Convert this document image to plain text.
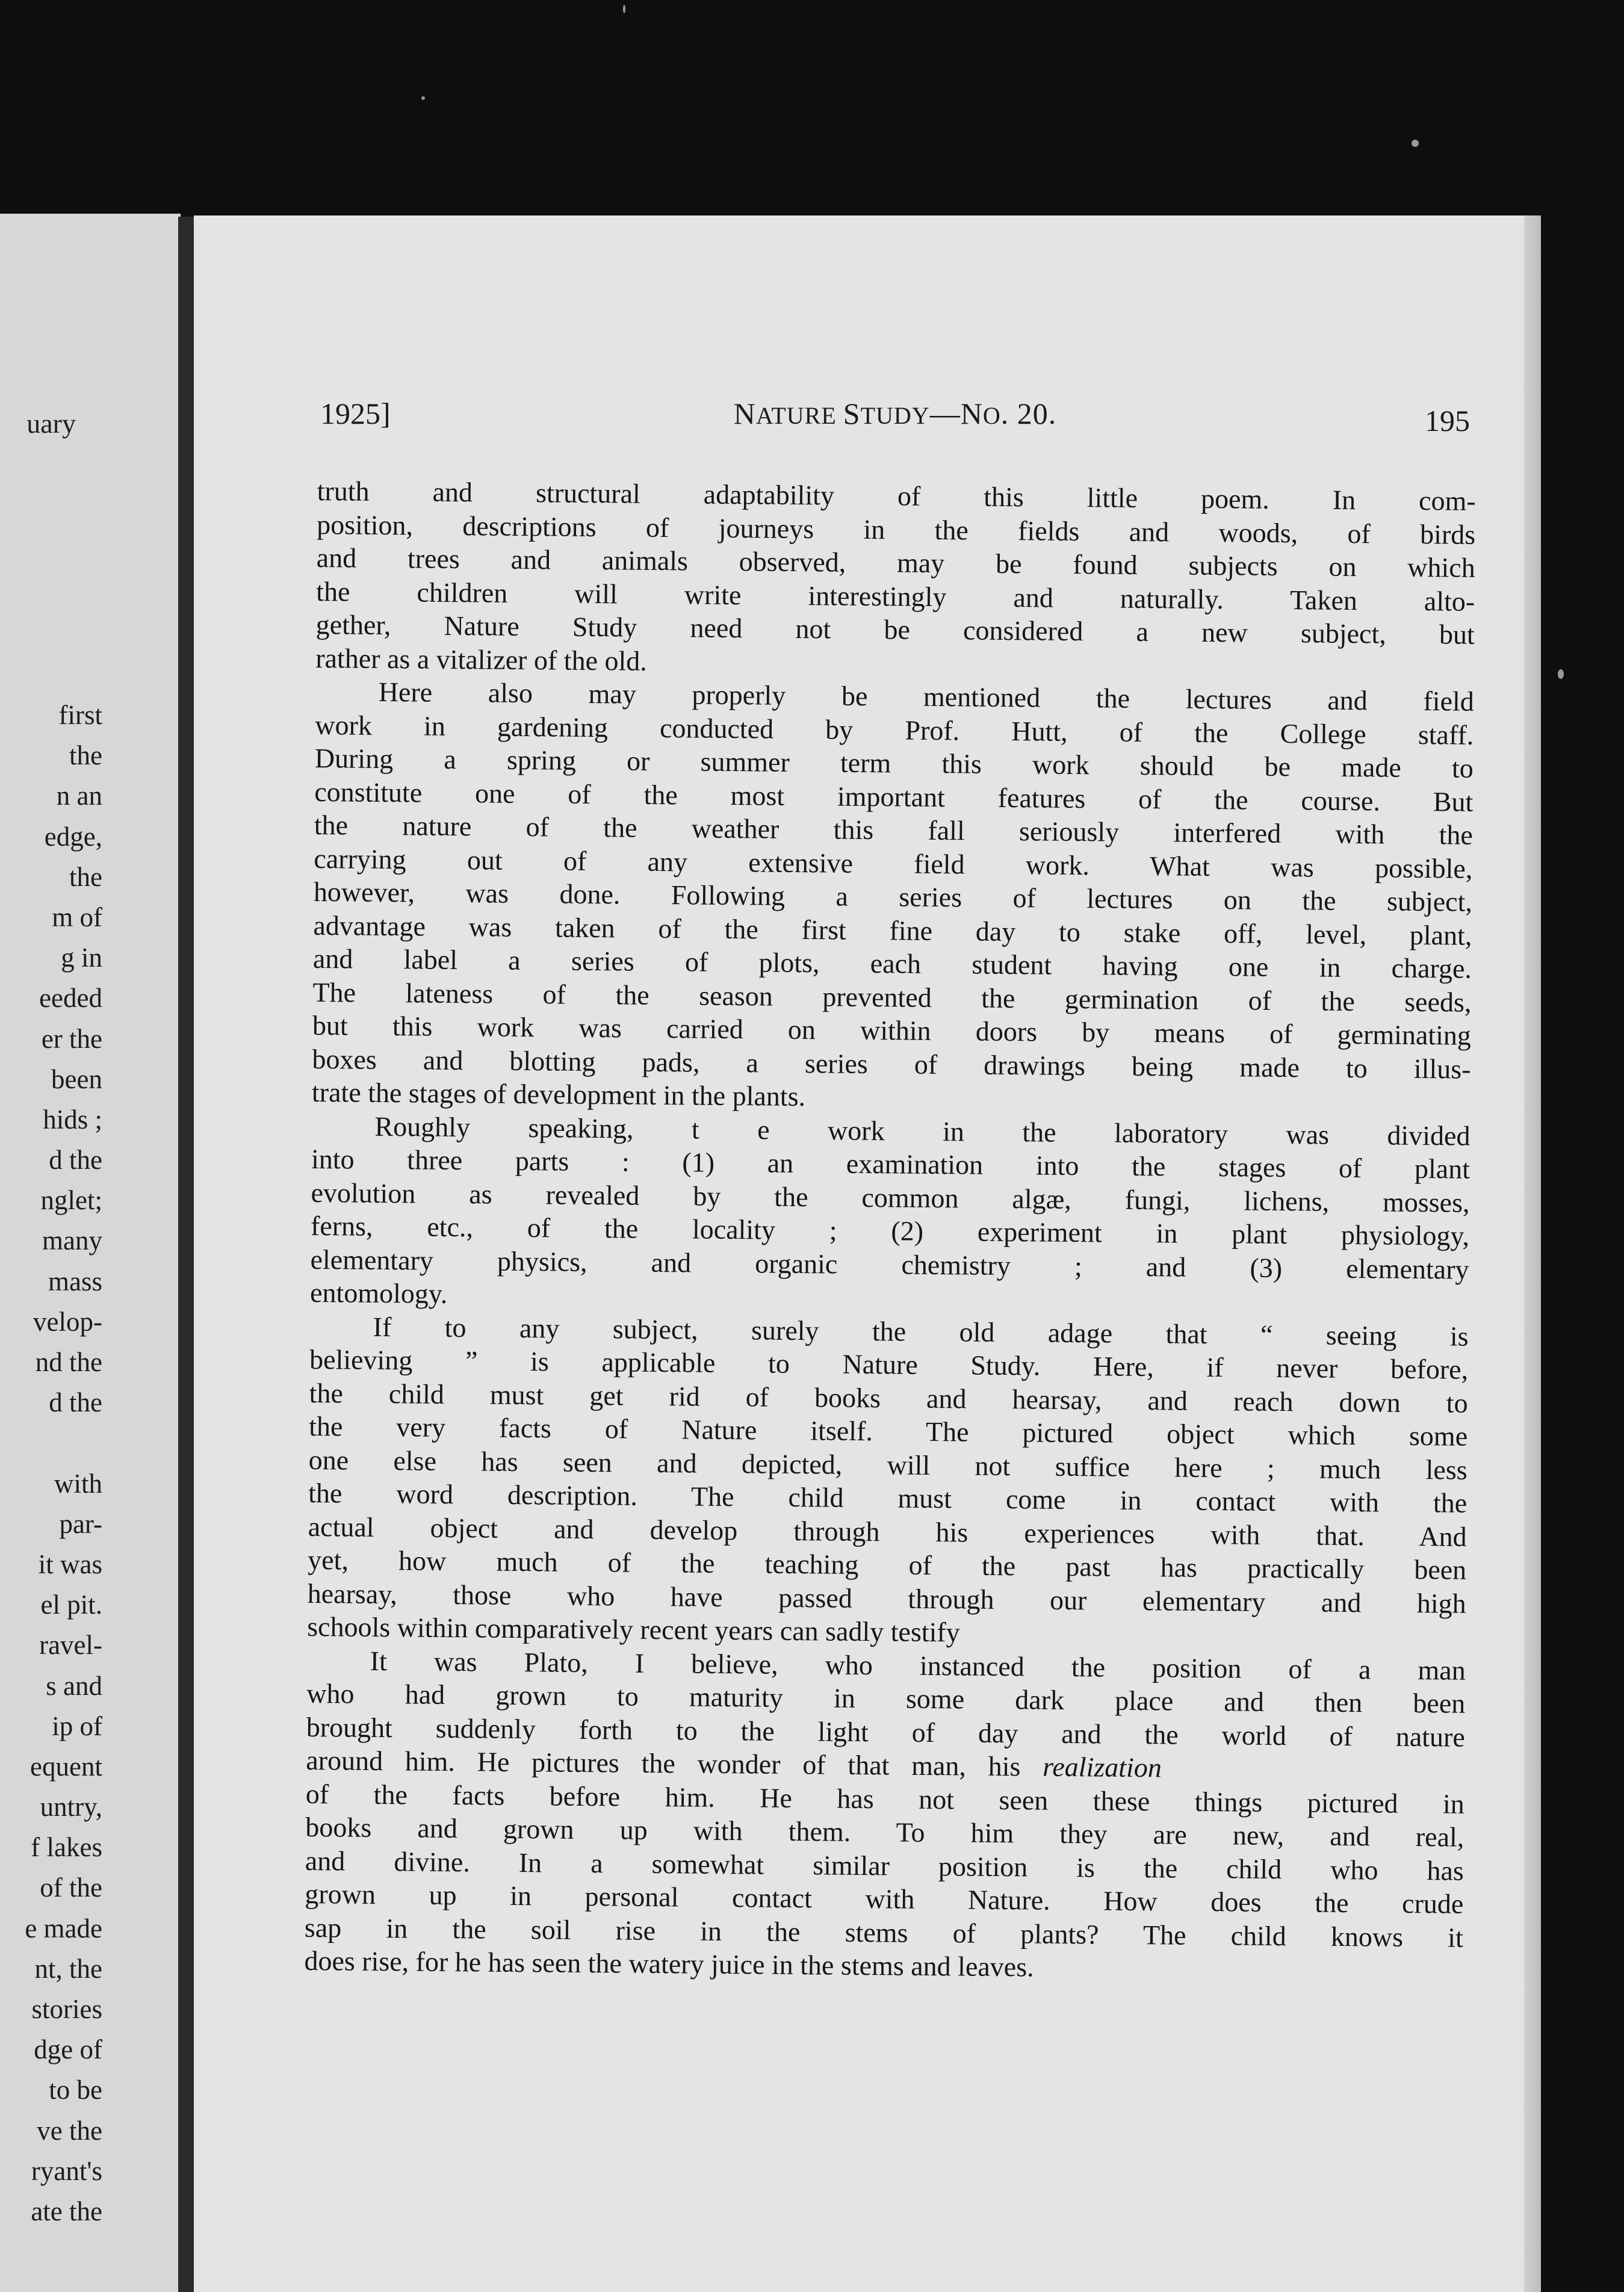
uary
first
the
n an
edge,
the
m of
g in
eeded
er the
been
hids ;
d the
nglet;
many
mass
velop-
nd the
d the
with
par-
it was
el pit.
ravel-
s and
ip of
equent
untry,
f lakes
of the
e made
nt, the
stories
dge of
to be
ve the
ryant's
ate the
1925]	NATURE STUDY—NO. 20.	195
truth and structural adaptability of this little poem. In com-
position, descriptions of journeys in the fields and woods, of birds
and trees and animals observed, may be found subjects on which
the children will write interestingly and naturally. Taken alto-
gether, Nature Study need not be considered a new subject, but
rather as a vitalizer of the old.
Here also may properly be mentioned the lectures and field
work in gardening conducted by Prof. Hutt, of the College staff.
During a spring or summer term this work should be made to
constitute one of the most important features of the course. But
the nature of the weather this fall seriously interfered with the
carrying out of any extensive field work. What was possible,
however, was done. Following a series of lectures on the subject,
advantage was taken of the first fine day to stake off, level, plant,
and label a series of plots, each student having one in charge.
The lateness of the season prevented the germination of the seeds,
but this work was carried on within doors by means of germinating
boxes and blotting pads, a series of drawings being made to illus-
trate the stages of development in the plants.
Roughly speaking, t e work in the laboratory was divided
into three parts : (1) an examination into the stages of plant
evolution as revealed by the common algæ, fungi, lichens, mosses,
ferns, etc., of the locality ; (2) experiment in plant physiology,
elementary physics, and organic chemistry ; and (3) elementary
entomology.
If to any subject, surely the old adage that “ seeing is
believing ” is applicable to Nature Study. Here, if never before,
the child must get rid of books and hearsay, and reach down to
the very facts of Nature itself. The pictured object which some
one else has seen and depicted, will not suffice here ; much less
the word description. The child must come in contact with the
actual object and develop through his experiences with that. And
yet, how much of the teaching of the past has practically been
hearsay, those who have passed through our elementary and high
schools within comparatively recent years can sadly testify
It was Plato, I believe, who instanced the position of a man
who had grown to maturity in some dark place and then been
brought suddenly forth to the light of day and the world of nature
around him. He pictures the wonder of that man, his realization
of the facts before him. He has not seen these things pictured in
books and grown up with them. To him they are new, and real,
and divine. In a somewhat similar position is the child who has
grown up in personal contact with Nature. How does the crude
sap in the soil rise in the stems of plants? The child knows it
does rise, for he has seen the watery juice in the stems and leaves.
